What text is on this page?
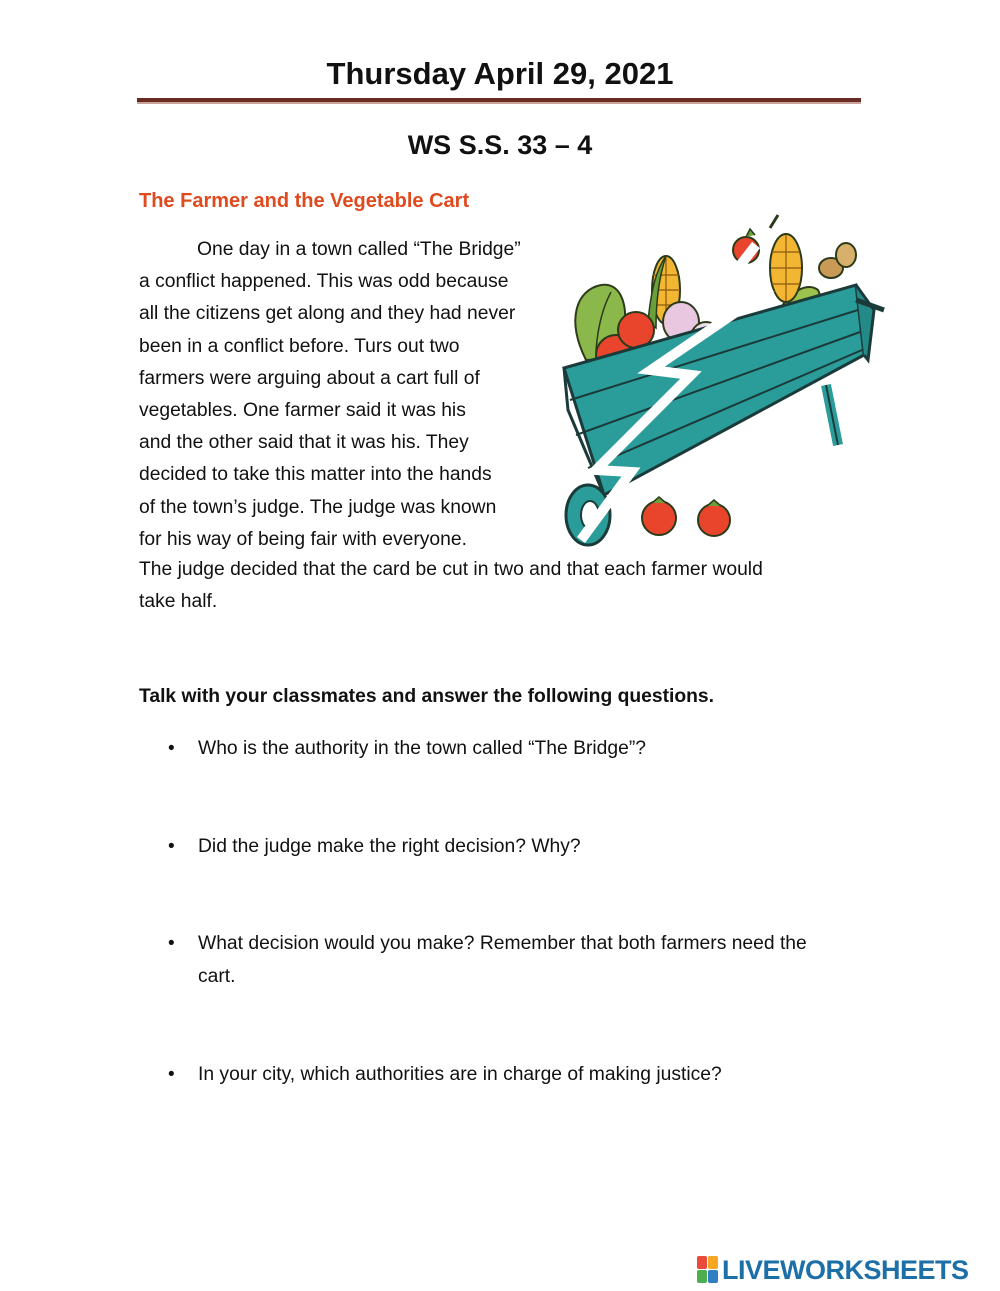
Thursday April 29, 2021
WS S.S. 33 – 4
The Farmer and the Vegetable Cart
One day in a town called “The Bridge”
a conflict happened. This was odd because
all the citizens get along and they had never
been in a conflict before. Turs out two
farmers were arguing about a cart full of
vegetables. One farmer said it was his
and the other said that it was his. They
decided to take this matter into the hands
of the town’s judge. The judge was known
for his way of being fair with everyone.
The judge decided that the card be cut in two and that each farmer would
take half.
Talk with your classmates and answer the following questions.
• Who is the authority in the town called “The Bridge”?
• Did the judge make the right decision? Why?
• What decision would you make? Remember that both farmers need the cart.
• In your city, which authorities are in charge of making justice?
LIVEWORKSHEETS
